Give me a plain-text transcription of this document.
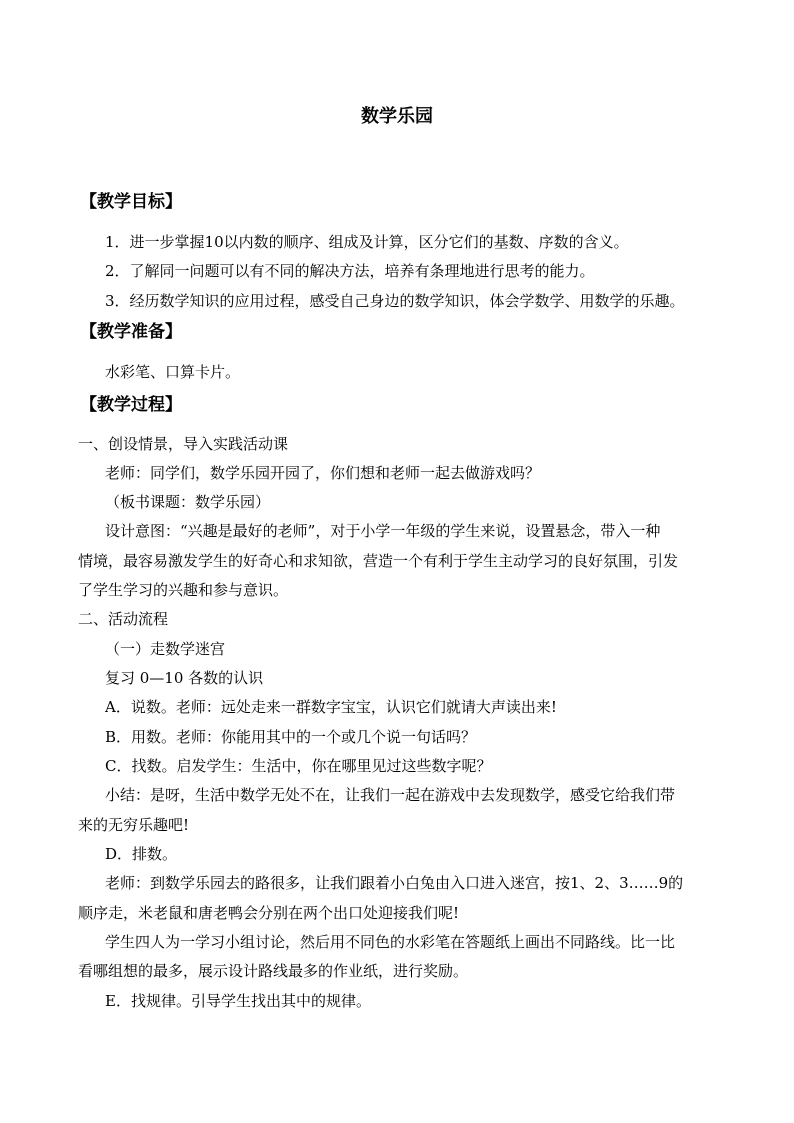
数学乐园
【教学目标】
1．进一步掌握10以内数的顺序、组成及计算，区分它们的基数、序数的含义。
2．了解同一问题可以有不同的解决方法，培养有条理地进行思考的能力。
3．经历数学知识的应用过程，感受自己身边的数学知识，体会学数学、用数学的乐趣。
【教学准备】
水彩笔、口算卡片。
【教学过程】
一、创设情景，导入实践活动课
老师：同学们，数学乐园开园了，你们想和老师一起去做游戏吗？
（板书课题：数学乐园）
设计意图：“兴趣是最好的老师”，对于小学一年级的学生来说，设置悬念，带入一种
情境，最容易激发学生的好奇心和求知欲，营造一个有利于学生主动学习的良好氛围，引发
了学生学习的兴趣和参与意识。
二、活动流程
（一）走数学迷宫
复习 0—10 各数的认识
A．说数。老师：远处走来一群数字宝宝，认识它们就请大声读出来!
B．用数。老师：你能用其中的一个或几个说一句话吗？
C．找数。启发学生：生活中，你在哪里见过这些数字呢？
小结：是呀，生活中数学无处不在，让我们一起在游戏中去发现数学，感受它给我们带
来的无穷乐趣吧!
D．排数。
老师：到数学乐园去的路很多，让我们跟着小白兔由入口进入迷宫，按1、2、3……9的
顺序走，米老鼠和唐老鸭会分别在两个出口处迎接我们呢!
学生四人为一学习小组讨论，然后用不同色的水彩笔在答题纸上画出不同路线。比一比
看哪组想的最多，展示设计路线最多的作业纸，进行奖励。
E．找规律。引导学生找出其中的规律。
